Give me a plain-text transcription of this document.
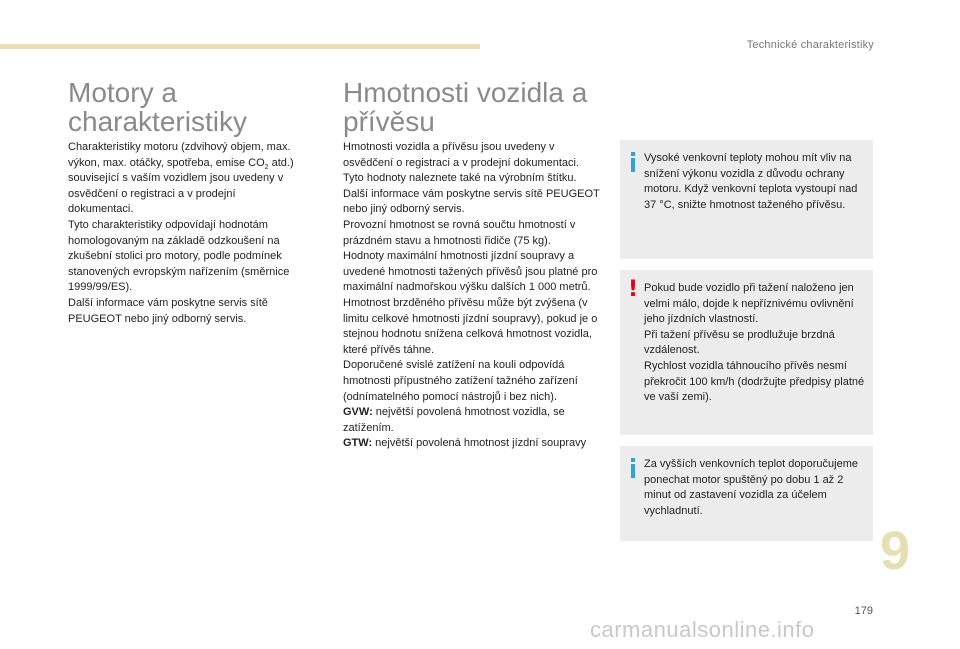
Technické charakteristiky
Motory a
charakteristiky

Charakteristiky motoru (zdvihový objem, max. výkon, max. otáčky, spotřeba, emise $CO_2$ atd.) související s vaším vozidlem jsou uvedeny v osvědčení o registraci a v prodejní dokumentaci.

Tyto charakteristiky odpovídají hodnotám homologovaným na základě odzkoušení na zkušební stolici pro motory, podle podmínek stanovených evropským nařízením (směrnice 1999/99/ES).

Další informace vám poskytne servis sítě PEUGEOT nebo jiný odborný servis.

Hmotnosti vozidla a
přívěsu

Hmotnosti vozidla a přívěsu jsou uvedeny v osvědčení o registraci a v prodejní dokumentaci.

Tyto hodnoty naleznete také na výrobním štítku.

Další informace vám poskytne servis sítě PEUGEOT nebo jiný odborný servis.

Provozní hmotnost se rovná součtu hmotností v prázdném stavu a hmotnosti řidiče (75 kg).

Hodnoty maximální hmotnosti jízdní soupravy a uvedené hmotnosti tažených přívěsů jsou platné pro maximální nadmořskou výšku dalších 1 000 metrů.

Hmotnost brzděného přívěsu může být zvýšena (v limitu celkové hmotnosti jízdní soupravy), pokud je o stejnou hodnotu snížena celková hmotnost vozidla, které přívěs táhne.

Doporučené svislé zatížení na kouli odpovídá hmotnosti přípustného zatížení tažného zařízení (odnímatelného pomocí nástrojů i bez nich).

GVW: největší povolená hmotnost vozidla, se zatížením.

GTW: největší povolená hmotnost jízdní soupravy

Vysoké venkovní teploty mohou mít vliv na snížení výkonu vozidla z důvodu ochrany motoru. Když venkovní teplota vystoupí nad 37 °C, snižte hmotnost taženého přívěsu.

! Pokud bude vozidlo při tažení naloženo jen velmi málo, dojde k nepříznivému ovlivnění jeho jízdních vlastností.

Při tažení přívěsu se prodlužuje brzdná vzdálenost.

Rychlost vozidla táhnoucího přívěs nesmí překročit 100 km/h (dodržujte předpisy platné ve vaší zemi).

Za vyšších venkovních teplot doporučujeme ponechat motor spuštěný po dobu 1 až 2 minut od zastavení vozidla za účelem vychladnutí.

9
179
carmanualsonline.info
